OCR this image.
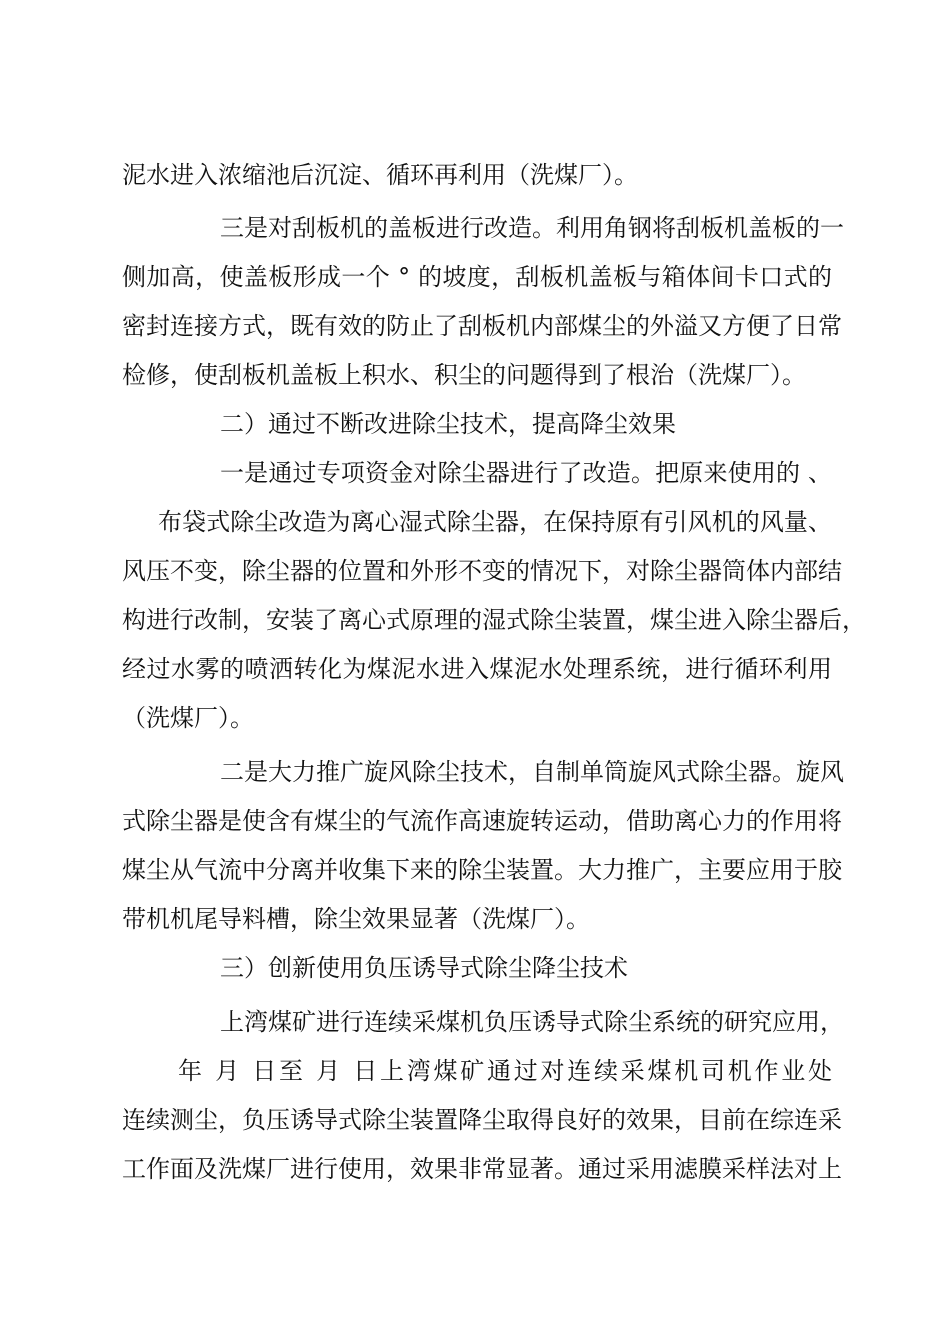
泥水进入浓缩池后沉淀、循环再利用（洗煤厂）。
三是对刮板机的盖板进行改造。利用角钢将刮板机盖板的一
侧加高，使盖板形成一个 ° 的坡度，刮板机盖板与箱体间卡口式的
密封连接方式，既有效的防止了刮板机内部煤尘的外溢又方便了日常
检修，使刮板机盖板上积水、积尘的问题得到了根治（洗煤厂）。
二）通过不断改进除尘技术，提高降尘效果
一是通过专项资金对除尘器进行了改造。把原来使用的 、
布袋式除尘改造为离心湿式除尘器，在保持原有引风机的风量、
风压不变，除尘器的位置和外形不变的情况下，对除尘器筒体内部结
构进行改制，安装了离心式原理的湿式除尘装置，煤尘进入除尘器后，
经过水雾的喷洒转化为煤泥水进入煤泥水处理系统，进行循环利用
（洗煤厂）。
二是大力推广旋风除尘技术，自制单筒旋风式除尘器。旋风
式除尘器是使含有煤尘的气流作高速旋转运动，借助离心力的作用将
煤尘从气流中分离并收集下来的除尘装置。大力推广，主要应用于胶
带机机尾导料槽，除尘效果显著（洗煤厂）。
三）创新使用负压诱导式除尘降尘技术
上湾煤矿进行连续采煤机负压诱导式除尘系统的研究应用，
年 月 日至 月 日上湾煤矿通过对连续采煤机司机作业处
连续测尘，负压诱导式除尘装置降尘取得良好的效果，目前在综连采
工作面及洗煤厂进行使用，效果非常显著。通过采用滤膜采样法对上
